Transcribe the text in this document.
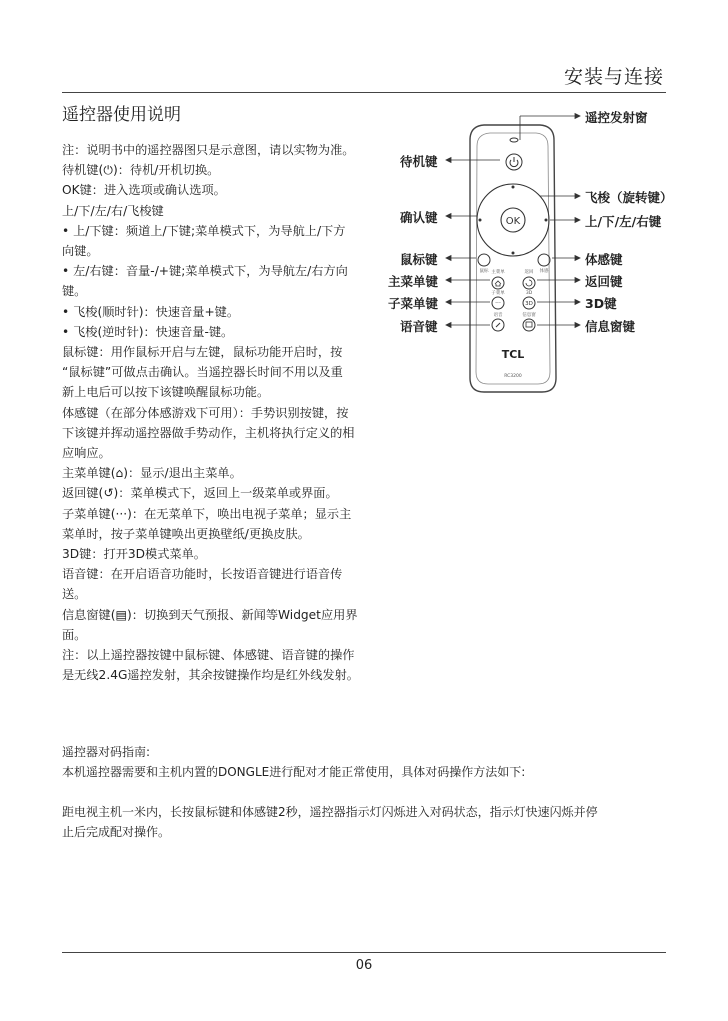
安装与连接
遥控器使用说明

注：说明书中的遥控器图只是示意图，请以实物为准。

待机键(⏻)：待机/开机切换。

OK键：进入选项或确认选项。

上/下/左/右/飞梭键

• 上/下键：频道上/下键;菜单模式下，为导航上/下方

向键。

• 左/右键：音量-/+键;菜单模式下，为导航左/右方向

键。

• 飞梭(顺时针)：快速音量+键。

• 飞梭(逆时针)：快速音量-键。

鼠标键：用作鼠标开启与左键，鼠标功能开启时，按

“鼠标键”可做点击确认。当遥控器长时间不用以及重

新上电后可以按下该键唤醒鼠标功能。

体感键（在部分体感游戏下可用）：手势识别按键，按

下该键并挥动遥控器做手势动作，主机将执行定义的相

应响应。

主菜单键(⌂)：显示/退出主菜单。

返回键(↺)：菜单模式下，返回上一级菜单或界面。

子菜单键(···)：在无菜单下，唤出电视子菜单；显示主

菜单时，按子菜单键唤出更换壁纸/更换皮肤。

3D键：打开3D模式菜单。

语音键：在开启语音功能时，长按语音键进行语音传

送。

信息窗键(▤)：切换到天气预报、新闻等Widget应用界

面。

注：以上遥控器按键中鼠标键、体感键、语音键的操作

是无线2.4G遥控发射，其余按键操作均是红外线发射。

遥控器对码指南:

本机遥控器需要和主机内置的DONGLE进行配对才能正常使用，具体对码操作方法如下:

距电视主机一米内，长按鼠标键和体感键2秒，遥控器指示灯闪烁进入对码状态，指示灯快速闪烁并停

止后完成配对操作。

06
···
OK
鼠标 主菜单	返回 体感
子菜单	3D
3D
语音	信息窗
TCL
RC3200
待机键
确认键
鼠标键
主菜单键
子菜单键
语音键
遥控发射窗
飞梭（旋转键）
上/下/左/右键
体感键
返回键
3D键
信息窗键
